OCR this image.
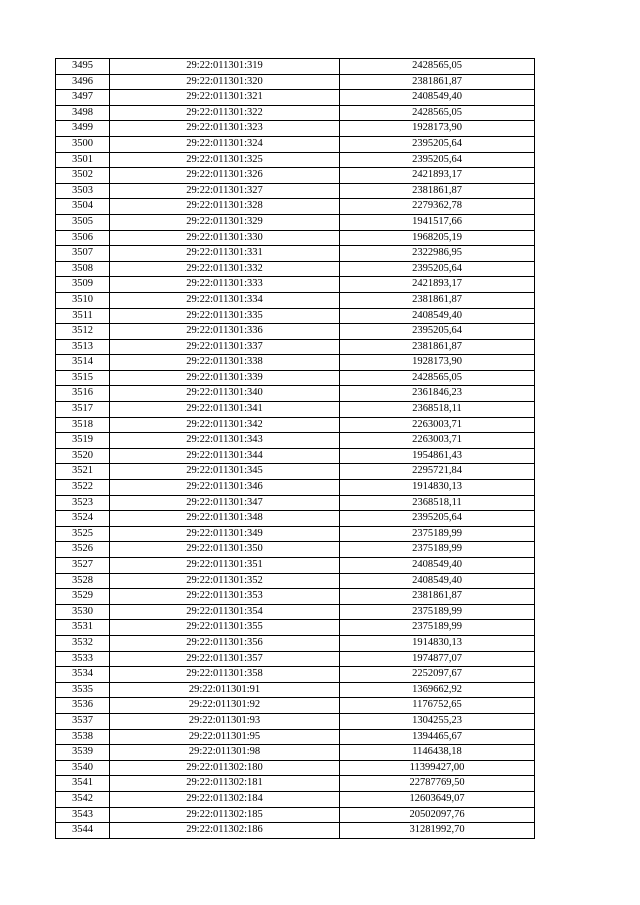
3495	29:22:011301:319	2428565,05
3496	29:22:011301:320	2381861,87
3497	29:22:011301:321	2408549,40
3498	29:22:011301:322	2428565,05
3499	29:22:011301:323	1928173,90
3500	29:22:011301:324	2395205,64
3501	29:22:011301:325	2395205,64
3502	29:22:011301:326	2421893,17
3503	29:22:011301:327	2381861,87
3504	29:22:011301:328	2279362,78
3505	29:22:011301:329	1941517,66
3506	29:22:011301:330	1968205,19
3507	29:22:011301:331	2322986,95
3508	29:22:011301:332	2395205,64
3509	29:22:011301:333	2421893,17
3510	29:22:011301:334	2381861,87
3511	29:22:011301:335	2408549,40
3512	29:22:011301:336	2395205,64
3513	29:22:011301:337	2381861,87
3514	29:22:011301:338	1928173,90
3515	29:22:011301:339	2428565,05
3516	29:22:011301:340	2361846,23
3517	29:22:011301:341	2368518,11
3518	29:22:011301:342	2263003,71
3519	29:22:011301:343	2263003,71
3520	29:22:011301:344	1954861,43
3521	29:22:011301:345	2295721,84
3522	29:22:011301:346	1914830,13
3523	29:22:011301:347	2368518,11
3524	29:22:011301:348	2395205,64
3525	29:22:011301:349	2375189,99
3526	29:22:011301:350	2375189,99
3527	29:22:011301:351	2408549,40
3528	29:22:011301:352	2408549,40
3529	29:22:011301:353	2381861,87
3530	29:22:011301:354	2375189,99
3531	29:22:011301:355	2375189,99
3532	29:22:011301:356	1914830,13
3533	29:22:011301:357	1974877,07
3534	29:22:011301:358	2252097,67
3535	29:22:011301:91	1369662,92
3536	29:22:011301:92	1176752,65
3537	29:22:011301:93	1304255,23
3538	29:22:011301:95	1394465,67
3539	29:22:011301:98	1146438,18
3540	29:22:011302:180	11399427,00
3541	29:22:011302:181	22787769,50
3542	29:22:011302:184	12603649,07
3543	29:22:011302:185	20502097,76
3544	29:22:011302:186	31281992,70
